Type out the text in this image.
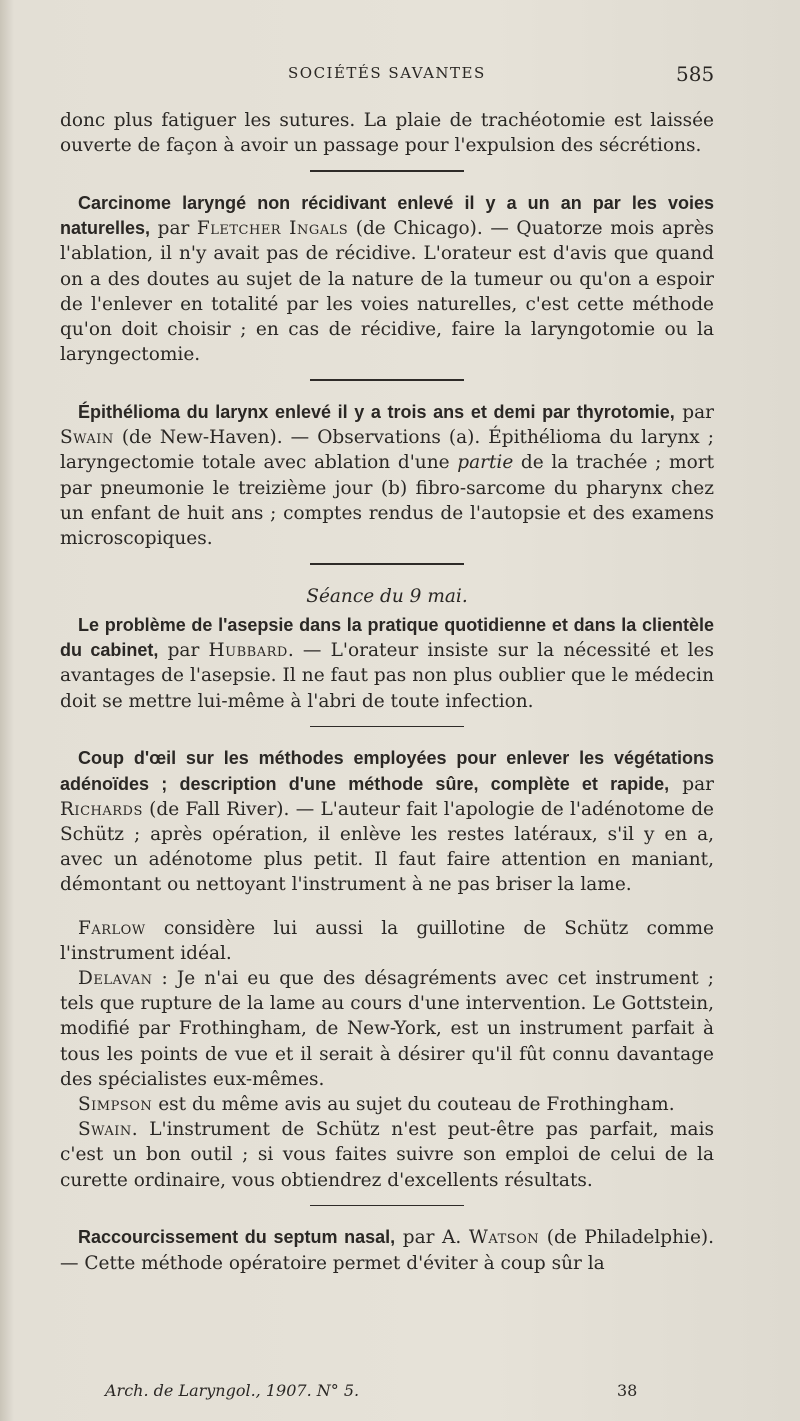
SOCIÉTÉS SAVANTES	585

donc plus fatiguer les sutures. La plaie de trachéotomie est laissée ouverte de façon à avoir un passage pour l'expulsion des sécrétions.

Carcinome laryngé non récidivant enlevé il y a un an par les voies naturelles, par Fletcher Ingals (de Chicago). — Quatorze mois après l'ablation, il n'y avait pas de récidive. L'orateur est d'avis que quand on a des doutes au sujet de la nature de la tumeur ou qu'on a espoir de l'enlever en totalité par les voies naturelles, c'est cette méthode qu'on doit choisir ; en cas de récidive, faire la laryngotomie ou la laryngectomie.

Épithélioma du larynx enlevé il y a trois ans et demi par thyrotomie, par Swain (de New-Haven). — Observations (a). Épithélioma du larynx ; laryngectomie totale avec ablation d'une partie de la trachée ; mort par pneumonie le treizième jour (b) fibro-sarcome du pharynx chez un enfant de huit ans ; comptes rendus de l'autopsie et des examens microscopiques.

Séance du 9 mai.

Le problème de l'asepsie dans la pratique quotidienne et dans la clientèle du cabinet, par Hubbard. — L'orateur insiste sur la nécessité et les avantages de l'asepsie. Il ne faut pas non plus oublier que le médecin doit se mettre lui-même à l'abri de toute infection.

Coup d'œil sur les méthodes employées pour enlever les végétations adénoïdes ; description d'une méthode sûre, complète et rapide, par Richards (de Fall River). — L'auteur fait l'apologie de l'adénotome de Schütz ; après opération, il enlève les restes latéraux, s'il y en a, avec un adénotome plus petit. Il faut faire attention en maniant, démontant ou nettoyant l'instrument à ne pas briser la lame.

Farlow considère lui aussi la guillotine de Schütz comme l'instrument idéal.

Delavan : Je n'ai eu que des désagréments avec cet instrument ; tels que rupture de la lame au cours d'une intervention. Le Gottstein, modifié par Frothingham, de New-York, est un instrument parfait à tous les points de vue et il serait à désirer qu'il fût connu davantage des spécialistes eux-mêmes.

Simpson est du même avis au sujet du couteau de Frothingham.

Swain. L'instrument de Schütz n'est peut-être pas parfait, mais c'est un bon outil ; si vous faites suivre son emploi de celui de la curette ordinaire, vous obtiendrez d'excellents résultats.

Raccourcissement du septum nasal, par A. Watson (de Philadelphie). — Cette méthode opératoire permet d'éviter à coup sûr la

Arch. de Laryngol., 1907. N° 5.	38
